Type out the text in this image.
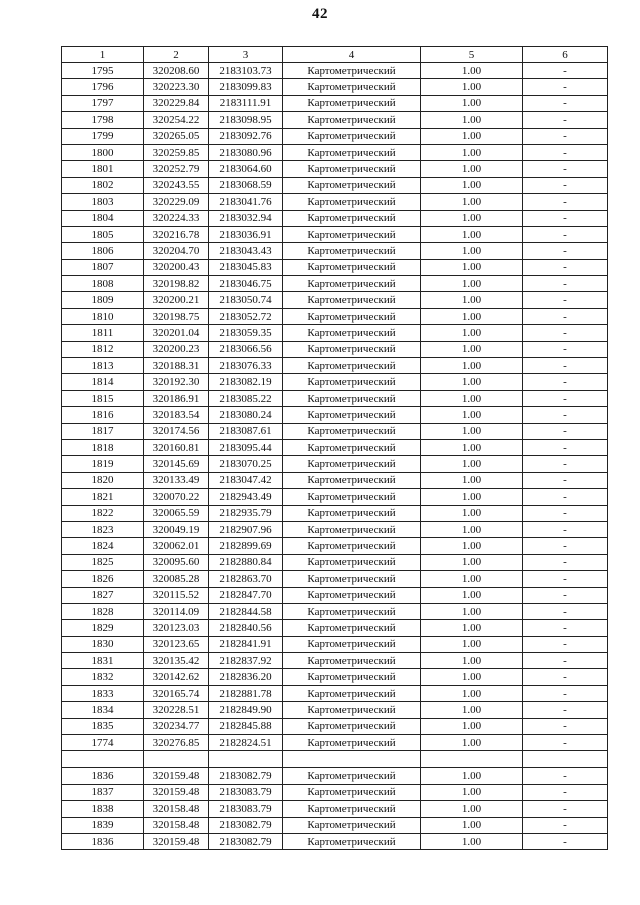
42
1	2	3	4	5	6
1795	320208.60	2183103.73	Картометрический	1.00	-
1796	320223.30	2183099.83	Картометрический	1.00	-
1797	320229.84	2183111.91	Картометрический	1.00	-
1798	320254.22	2183098.95	Картометрический	1.00	-
1799	320265.05	2183092.76	Картометрический	1.00	-
1800	320259.85	2183080.96	Картометрический	1.00	-
1801	320252.79	2183064.60	Картометрический	1.00	-
1802	320243.55	2183068.59	Картометрический	1.00	-
1803	320229.09	2183041.76	Картометрический	1.00	-
1804	320224.33	2183032.94	Картометрический	1.00	-
1805	320216.78	2183036.91	Картометрический	1.00	-
1806	320204.70	2183043.43	Картометрический	1.00	-
1807	320200.43	2183045.83	Картометрический	1.00	-
1808	320198.82	2183046.75	Картометрический	1.00	-
1809	320200.21	2183050.74	Картометрический	1.00	-
1810	320198.75	2183052.72	Картометрический	1.00	-
1811	320201.04	2183059.35	Картометрический	1.00	-
1812	320200.23	2183066.56	Картометрический	1.00	-
1813	320188.31	2183076.33	Картометрический	1.00	-
1814	320192.30	2183082.19	Картометрический	1.00	-
1815	320186.91	2183085.22	Картометрический	1.00	-
1816	320183.54	2183080.24	Картометрический	1.00	-
1817	320174.56	2183087.61	Картометрический	1.00	-
1818	320160.81	2183095.44	Картометрический	1.00	-
1819	320145.69	2183070.25	Картометрический	1.00	-
1820	320133.49	2183047.42	Картометрический	1.00	-
1821	320070.22	2182943.49	Картометрический	1.00	-
1822	320065.59	2182935.79	Картометрический	1.00	-
1823	320049.19	2182907.96	Картометрический	1.00	-
1824	320062.01	2182899.69	Картометрический	1.00	-
1825	320095.60	2182880.84	Картометрический	1.00	-
1826	320085.28	2182863.70	Картометрический	1.00	-
1827	320115.52	2182847.70	Картометрический	1.00	-
1828	320114.09	2182844.58	Картометрический	1.00	-
1829	320123.03	2182840.56	Картометрический	1.00	-
1830	320123.65	2182841.91	Картометрический	1.00	-
1831	320135.42	2182837.92	Картометрический	1.00	-
1832	320142.62	2182836.20	Картометрический	1.00	-
1833	320165.74	2182881.78	Картометрический	1.00	-
1834	320228.51	2182849.90	Картометрический	1.00	-
1835	320234.77	2182845.88	Картометрический	1.00	-
1774	320276.85	2182824.51	Картометрический	1.00	-

1836	320159.48	2183082.79	Картометрический	1.00	-
1837	320159.48	2183083.79	Картометрический	1.00	-
1838	320158.48	2183083.79	Картометрический	1.00	-
1839	320158.48	2183082.79	Картометрический	1.00	-
1836	320159.48	2183082.79	Картометрический	1.00	-
